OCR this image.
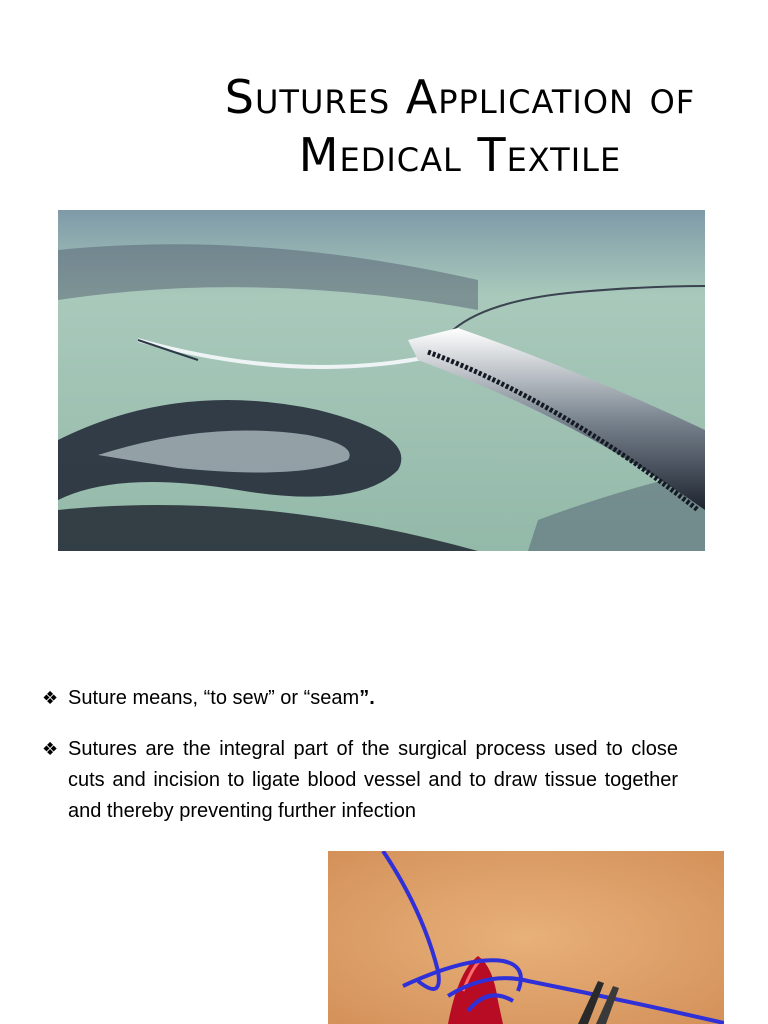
Sutures Application of Medical Textile
❖ Suture means, “to sew” or “seam”.
❖ Sutures are the integral part of the surgical process used to close cuts and incision to ligate blood vessel and to draw tissue together and thereby preventing further infection
